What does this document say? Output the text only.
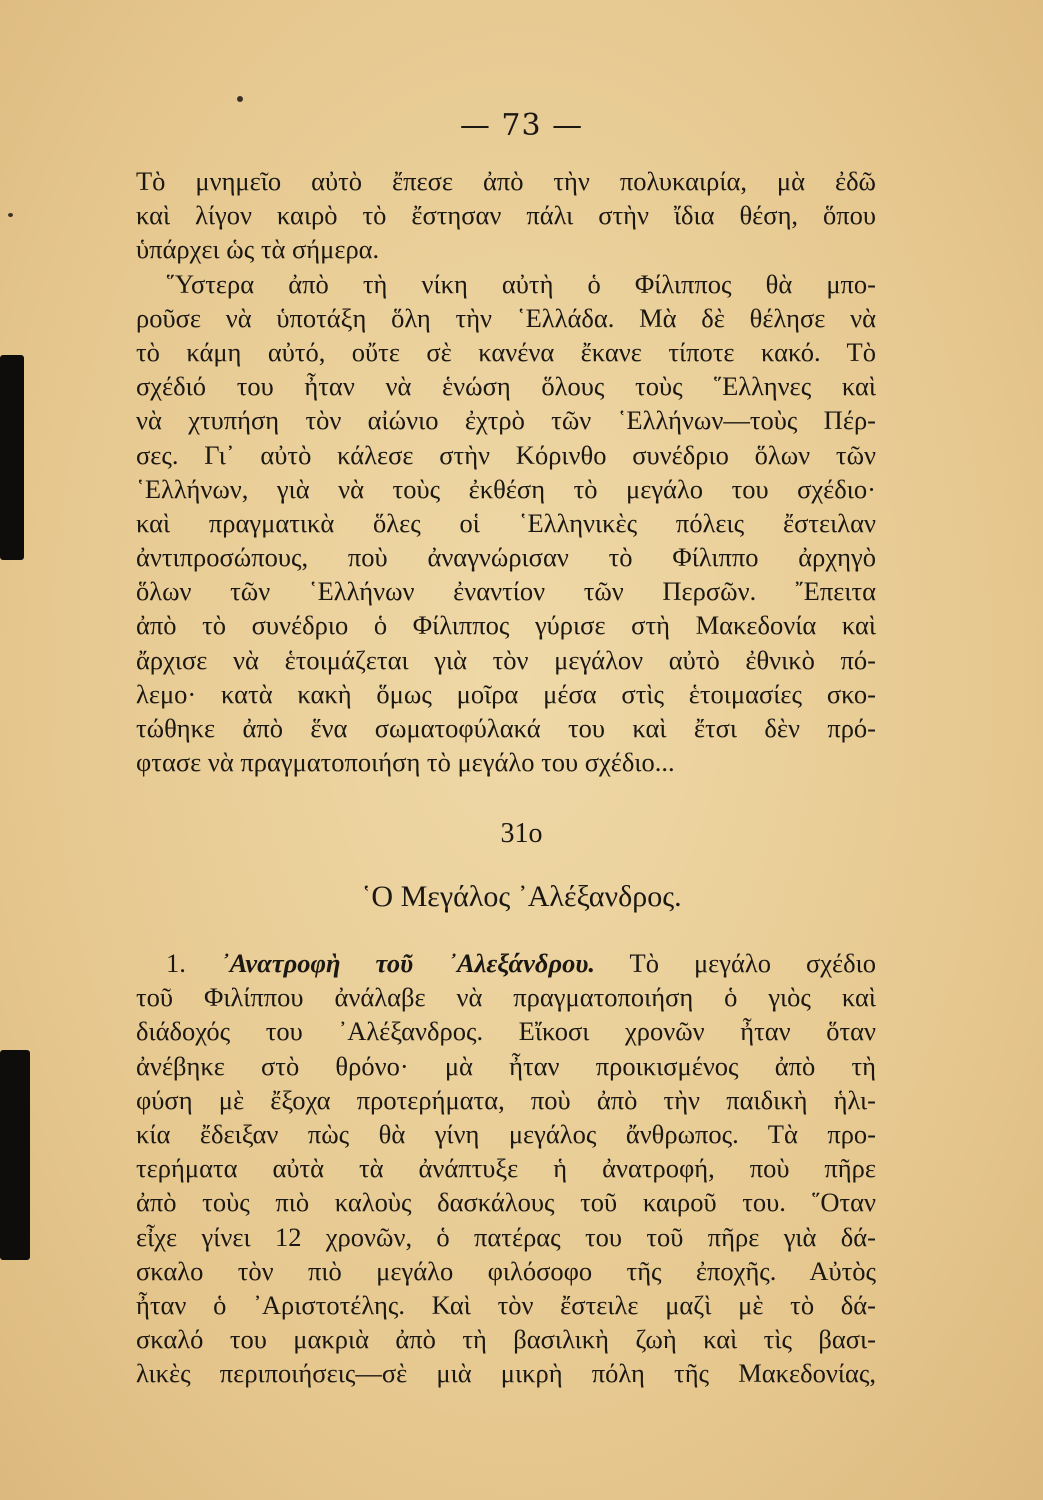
— 73 —
Τὸ μνημεῖο αὐτὸ ἔπεσε ἀπὸ τὴν πολυκαιρία, μὰ ἐδῶ
καὶ λίγον καιρὸ τὸ ἔστησαν πάλι στὴν ἴδια θέση, ὅπου
ὑπάρχει ὡς τὰ σήμερα.
῞Υστερα ἀπὸ τὴ νίκη αὐτὴ ὁ Φίλιππος θὰ μπο-
ροῦσε νὰ ὑποτάξη ὅλη τὴν ῾Ελλάδα. Μὰ δὲ θέλησε νὰ
τὸ κάμη αὐτό, οὔτε σὲ κανένα ἔκανε τίποτε κακό. Τὸ
σχέδιό του ἦταν νὰ ἑνώση ὅλους τοὺς ῞Ελληνες καὶ
νὰ χτυπήση τὸν αἰώνιο ἐχτρὸ τῶν ῾Ελλήνων—τοὺς Πέρ-
σες. Γι᾿ αὐτὸ κάλεσε στὴν Κόρινθο συνέδριο ὅλων τῶν
῾Ελλήνων, γιὰ νὰ τοὺς ἐκθέση τὸ μεγάλο του σχέδιο·
καὶ πραγματικὰ ὅλες οἱ ῾Ελληνικὲς πόλεις ἔστειλαν
ἀντιπροσώπους, ποὺ ἀναγνώρισαν τὸ Φίλιππο ἀρχηγὸ
ὅλων τῶν ῾Ελλήνων ἐναντίον τῶν Περσῶν. ῎Επειτα
ἀπὸ τὸ συνέδριο ὁ Φίλιππος γύρισε στὴ Μακεδονία καὶ
ἄρχισε νὰ ἑτοιμάζεται γιὰ τὸν μεγάλον αὐτὸ ἐθνικὸ πό-
λεμο· κατὰ κακὴ ὅμως μοῖρα μέσα στὶς ἑτοιμασίες σκο-
τώθηκε ἀπὸ ἕνα σωματοφύλακά του καὶ ἔτσι δὲν πρό-
φτασε νὰ πραγματοποιήση τὸ μεγάλο του σχέδιο...
31o
῾Ο Μεγάλος ᾿Αλέξανδρος.
1. ᾿Ανατροφὴ τοῦ ᾿Αλεξάνδρου. Τὸ μεγάλο σχέδιο
τοῦ Φιλίππου ἀνάλαβε νὰ πραγματοποιήση ὁ γιὸς καὶ
διάδοχός του ᾿Αλέξανδρος. Εἴκοσι χρονῶν ἦταν ὅταν
ἀνέβηκε στὸ θρόνο· μὰ ἦταν προικισμένος ἀπὸ τὴ
φύση μὲ ἔξοχα προτερήματα, ποὺ ἀπὸ τὴν παιδικὴ ἡλι-
κία ἔδειξαν πὼς θὰ γίνη μεγάλος ἄνθρωπος. Τὰ προ-
τερήματα αὐτὰ τὰ ἀνάπτυξε ἡ ἀνατροφή, ποὺ πῆρε
ἀπὸ τοὺς πιὸ καλοὺς δασκάλους τοῦ καιροῦ του. ῞Οταν
εἶχε γίνει 12 χρονῶν, ὁ πατέρας του τοῦ πῆρε γιὰ δά-
σκαλο τὸν πιὸ μεγάλο φιλόσοφο τῆς ἐποχῆς. Αὐτὸς
ἦταν ὁ ᾿Αριστοτέλης. Καὶ τὸν ἔστειλε μαζὶ μὲ τὸ δά-
σκαλό του μακριὰ ἀπὸ τὴ βασιλικὴ ζωὴ καὶ τὶς βασι-
λικὲς περιποιήσεις—σὲ μιὰ μικρὴ πόλη τῆς Μακεδονίας,
